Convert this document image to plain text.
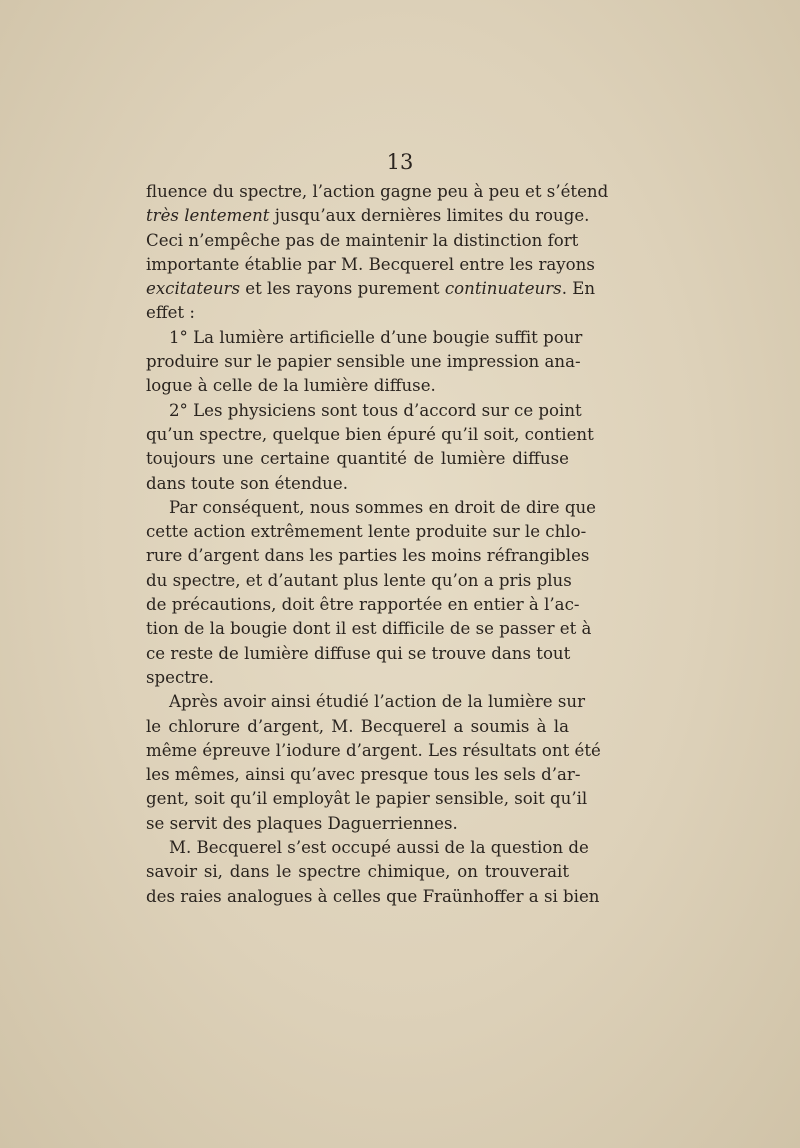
13
fluence du spectre, l’action gagne peu à peu et s’étend
très lentement jusqu’aux dernières limites du rouge.
Ceci n’empêche pas de maintenir la distinction fort
importante établie par M. Becquerel entre les rayons
excitateurs et les rayons purement continuateurs. En
effet :
1° La lumière artificielle d’une bougie suffit pour
produire sur le papier sensible une impression ana-
logue à celle de la lumière diffuse.
2° Les physiciens sont tous d’accord sur ce point
qu’un spectre, quelque bien épuré qu’il soit, contient
toujours une certaine quantité de lumière diffuse
dans toute son étendue.
Par conséquent, nous sommes en droit de dire que
cette action extrêmement lente produite sur le chlo-
rure d’argent dans les parties les moins réfrangibles
du spectre, et d’autant plus lente qu’on a pris plus
de précautions, doit être rapportée en entier à l’ac-
tion de la bougie dont il est difficile de se passer et à
ce reste de lumière diffuse qui se trouve dans tout
spectre.
Après avoir ainsi étudié l’action de la lumière sur
le chlorure d’argent, M. Becquerel a soumis à la
même épreuve l’iodure d’argent. Les résultats ont été
les mêmes, ainsi qu’avec presque tous les sels d’ar-
gent, soit qu’il employât le papier sensible, soit qu’il
se servit des plaques Daguerriennes.
M. Becquerel s’est occupé aussi de la question de
savoir si, dans le spectre chimique, on trouverait
des raies analogues à celles que Fraünhoffer a si bien
